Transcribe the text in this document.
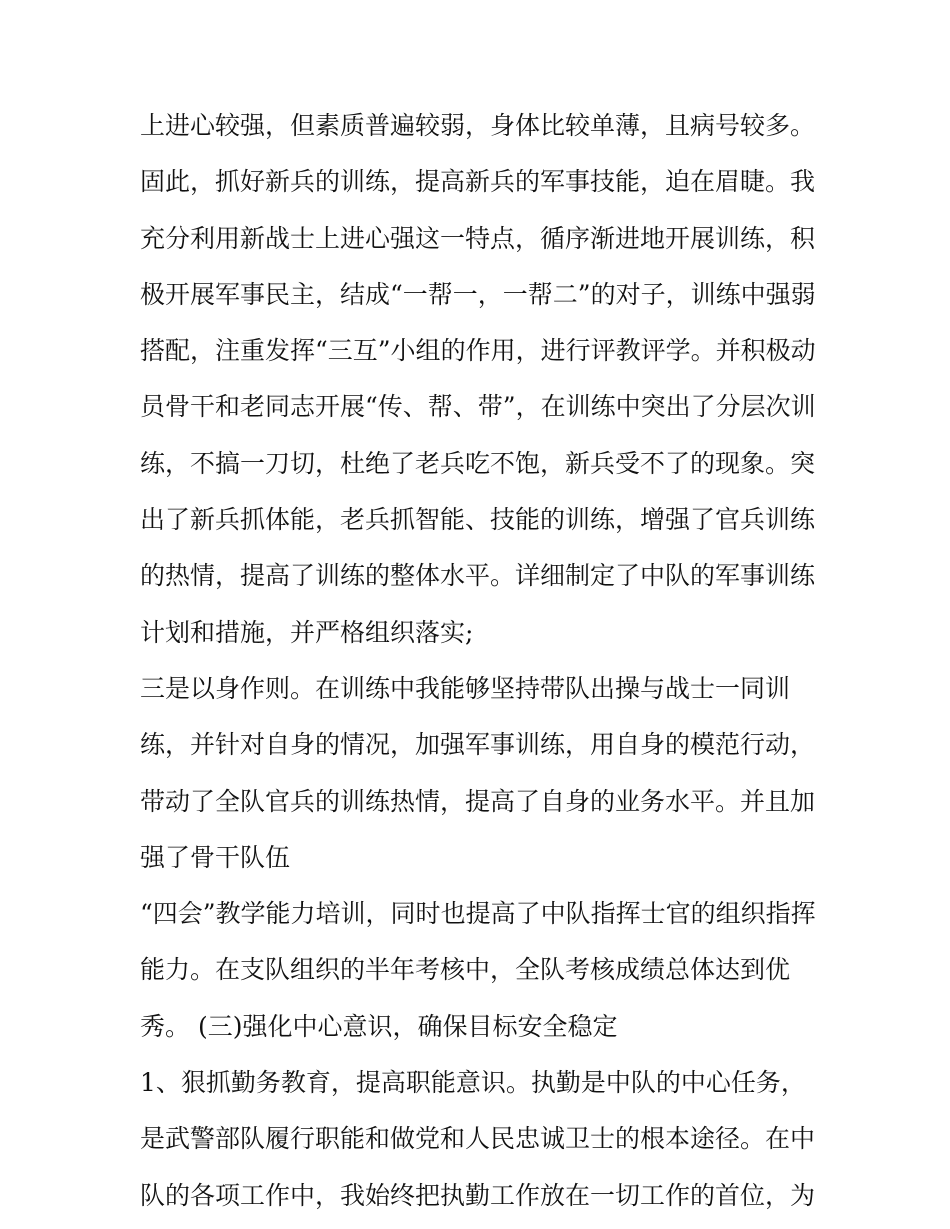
上进心较强，但素质普遍较弱，身体比较单薄，且病号较多。
固此，抓好新兵的训练，提高新兵的军事技能，迫在眉睫。我
充分利用新战士上进心强这一特点，循序渐进地开展训练，积
极开展军事民主，结成“一帮一，一帮二”的对子，训练中强弱
搭配，注重发挥“三互”小组的作用，进行评教评学。并积极动
员骨干和老同志开展“传、帮、带”，在训练中突出了分层次训
练，不搞一刀切，杜绝了老兵吃不饱，新兵受不了的现象。突
出了新兵抓体能，老兵抓智能、技能的训练，增强了官兵训练
的热情，提高了训练的整体水平。详细制定了中队的军事训练
计划和措施，并严格组织落实;
三是以身作则。在训练中我能够坚持带队出操与战士一同训
练，并针对自身的情况，加强军事训练，用自身的模范行动，
带动了全队官兵的训练热情，提高了自身的业务水平。并且加
强了骨干队伍
“四会”教学能力培训，同时也提高了中队指挥士官的组织指挥
能力。在支队组织的半年考核中，全队考核成绩总体达到优
秀。 (三)强化中心意识，确保目标安全稳定
1、狠抓勤务教育，提高职能意识。执勤是中队的中心任务，
是武警部队履行职能和做党和人民忠诚卫士的根本途径。在中
队的各项工作中，我始终把执勤工作放在一切工作的首位，为
